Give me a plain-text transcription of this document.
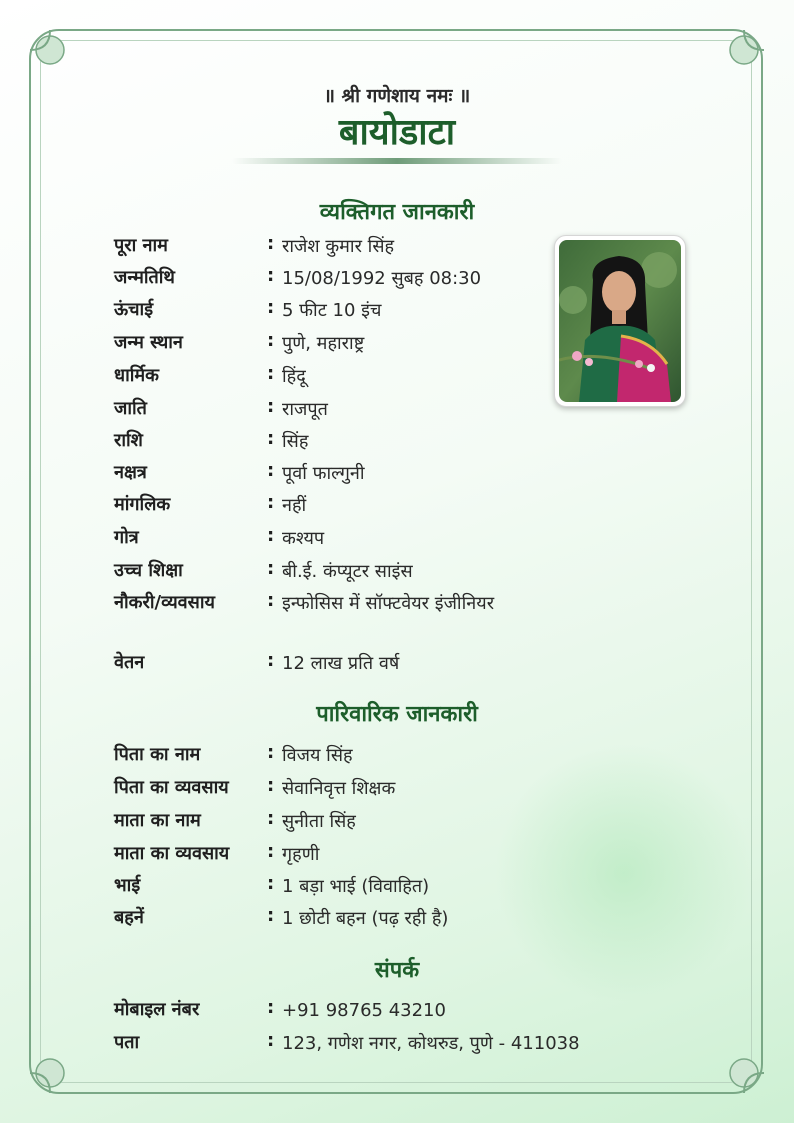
॥ श्री गणेशाय नमः ॥
बायोडाटा
व्यक्तिगत जानकारी
पूरा नाम	: राजेश कुमार सिंह
जन्मतिथि	: 15/08/1992 सुबह 08:30
ऊंचाई	: 5 फीट 10 इंच
जन्म स्थान	: पुणे, महाराष्ट्र
धार्मिक	: हिंदू
जाति	: राजपूत
राशि	: सिंह
नक्षत्र	: पूर्वा फाल्गुनी
मांगलिक	: नहीं
गोत्र	: कश्यप
उच्च शिक्षा	: बी.ई. कंप्यूटर साइंस
नौकरी/व्यवसाय	: इन्फोसिस में सॉफ्टवेयर इंजीनियर
वेतन	: 12 लाख प्रति वर्ष
पारिवारिक जानकारी
पिता का नाम	: विजय सिंह
पिता का व्यवसाय	: सेवानिवृत्त शिक्षक
माता का नाम	: सुनीता सिंह
माता का व्यवसाय	: गृहणी
भाई	: 1 बड़ा भाई (विवाहित)
बहनें	: 1 छोटी बहन (पढ़ रही है)
संपर्क
मोबाइल नंबर	: +91 98765 43210
पता	: 123, गणेश नगर, कोथरुड, पुणे - 411038
